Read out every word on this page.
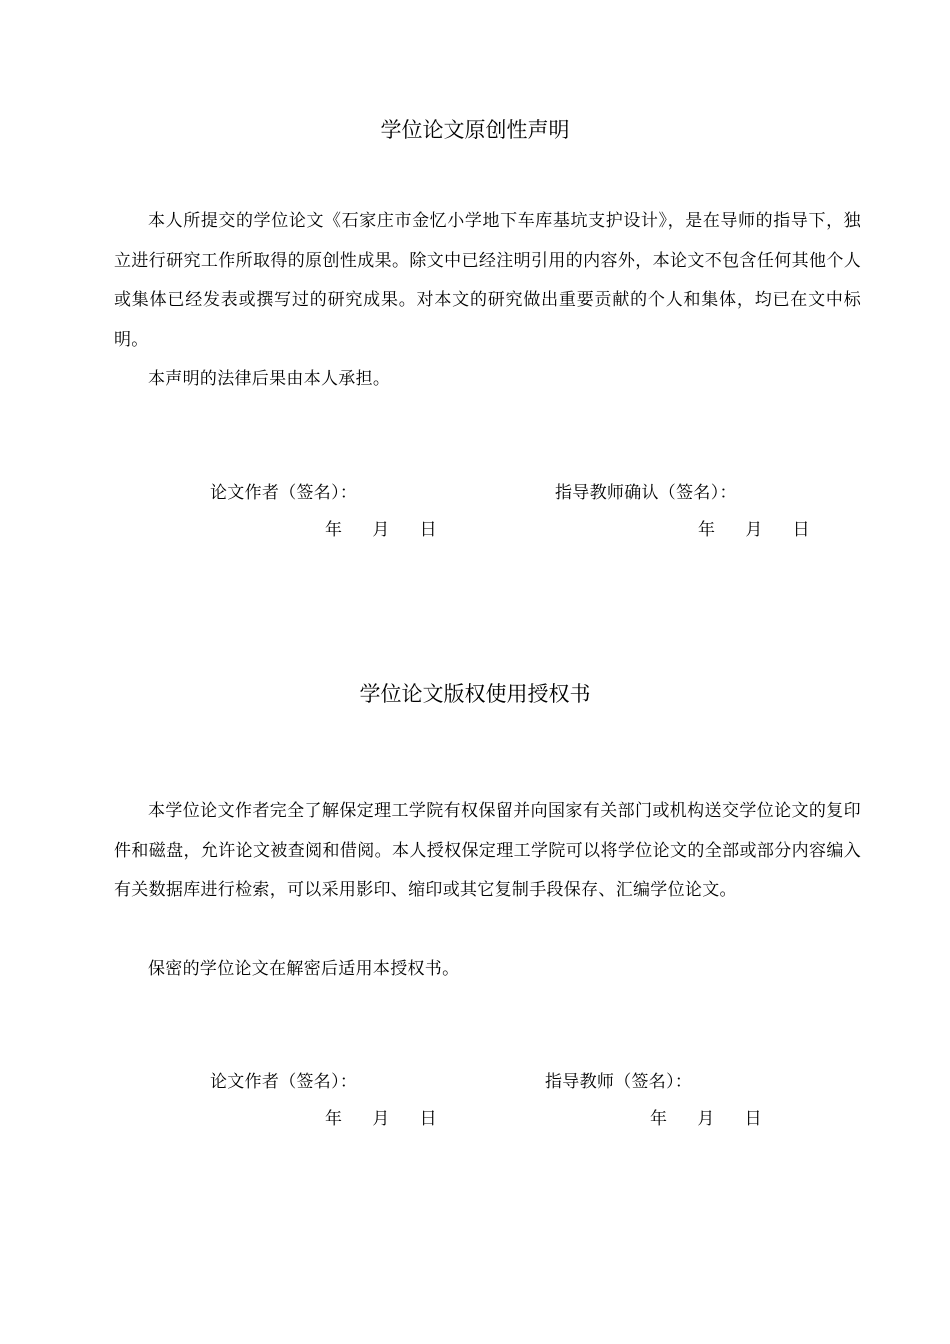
学位论文原创性声明

本人所提交的学位论文《石家庄市金忆小学地下车库基坑支护设计》，是在导师的指导下，独立进行研究工作所取得的原创性成果。除文中已经注明引用的内容外，本论文不包含任何其他个人或集体已经发表或撰写过的研究成果。对本文的研究做出重要贡献的个人和集体，均已在文中标明。

本声明的法律后果由本人承担。

论文作者（签名）：	指导教师确认（签名）：
年 月 日	年 月 日
学位论文版权使用授权书

本学位论文作者完全了解保定理工学院有权保留并向国家有关部门或机构送交学位论文的复印件和磁盘，允许论文被查阅和借阅。本人授权保定理工学院可以将学位论文的全部或部分内容编入有关数据库进行检索，可以采用影印、缩印或其它复制手段保存、汇编学位论文。

保密的学位论文在解密后适用本授权书。

论文作者（签名）：	指导教师（签名）：
年 月 日	年 月 日
